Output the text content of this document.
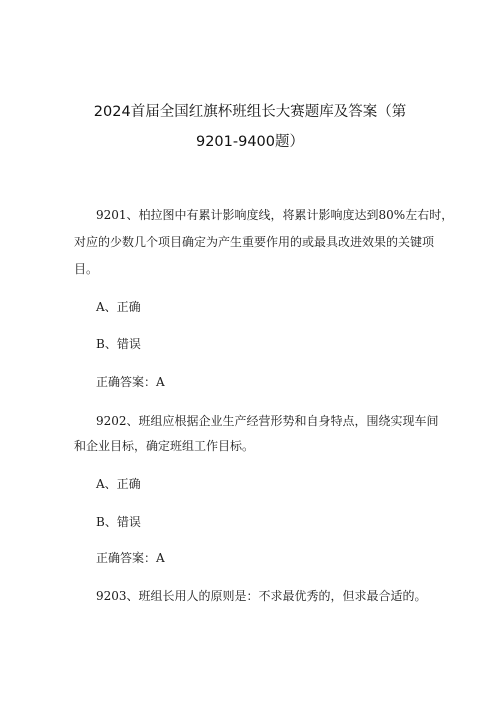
2024首届全国红旗杯班组长大赛题库及答案（第
9201-9400题）

9201、柏拉图中有累计影响度线，将累计影响度达到80%左右时，

对应的少数几个项目确定为产生重要作用的或最具改进效果的关键项

目。

A、正确

B、错误

正确答案：A

9202、班组应根据企业生产经营形势和自身特点，围绕实现车间

和企业目标，确定班组工作目标。

A、正确

B、错误

正确答案：A

9203、班组长用人的原则是：不求最优秀的，但求最合适的。
